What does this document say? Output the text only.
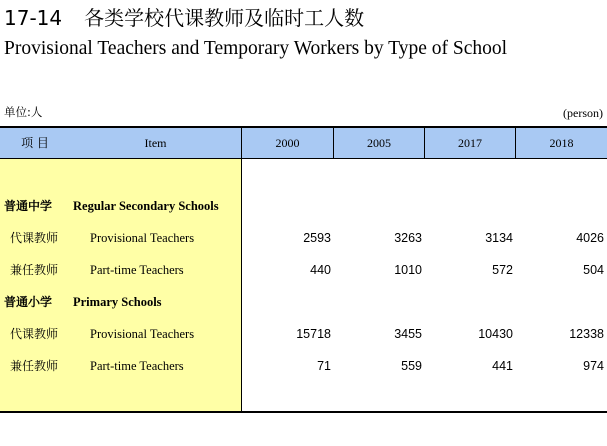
17-14 各类学校代课教师及临时工人数
Provisional Teachers and Temporary Workers by Type of School
单位:人	(person)
项 目	Item	2000	2005	2017	2018
普通中学 Regular Secondary Schools
代课教师	Provisional Teachers	2593	3263	3134	4026
兼任教师	Part-time Teachers	440	1010	572	504
普通小学 Primary Schools
代课教师	Provisional Teachers	15718	3455	10430	12338
兼任教师	Part-time Teachers	71	559	441	974
